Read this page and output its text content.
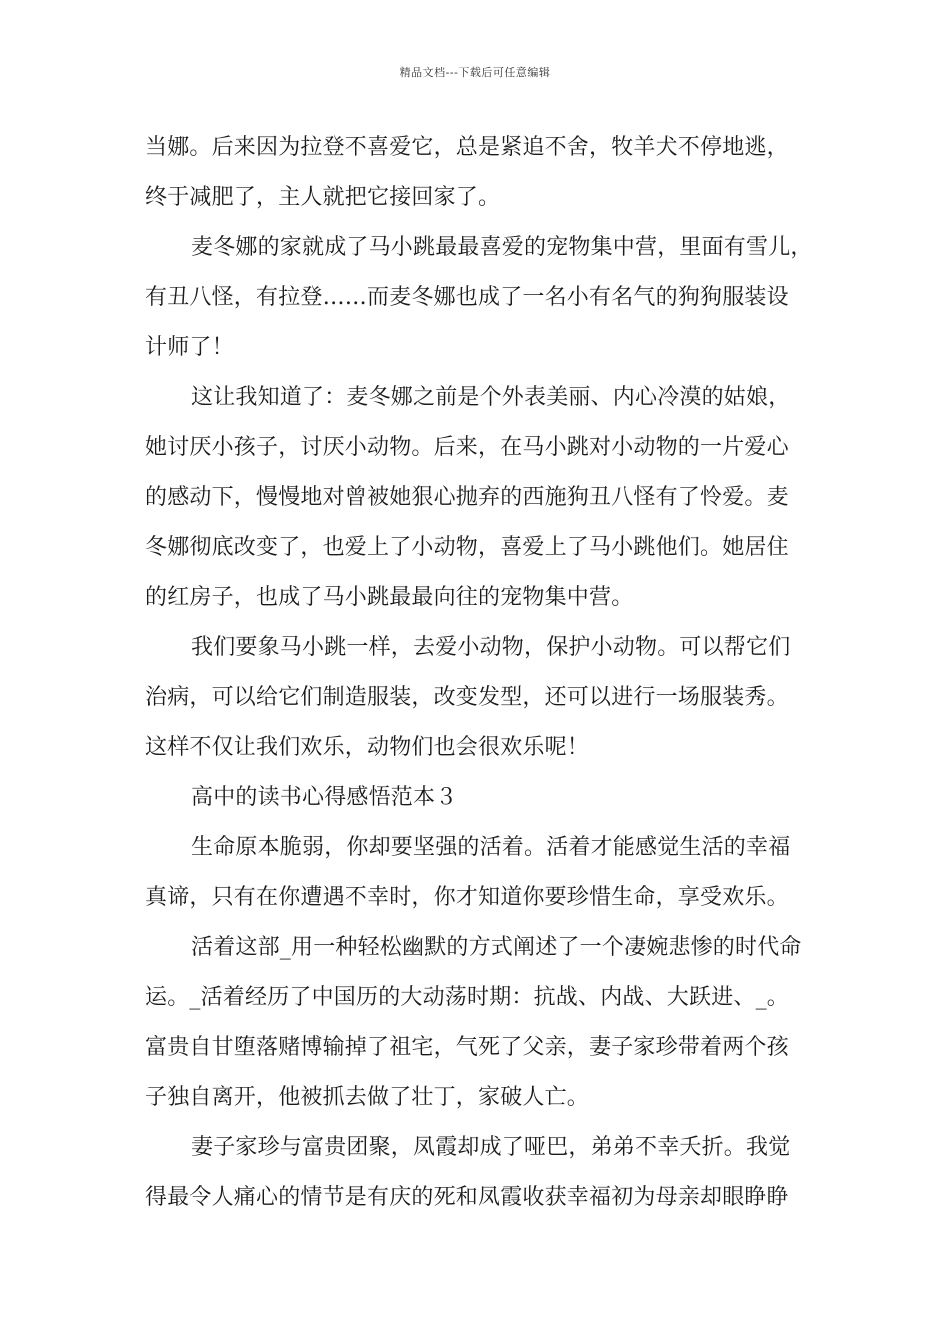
精品文档---下载后可任意编辑
当娜。后来因为拉登不喜爱它，总是紧追不舍，牧羊犬不停地逃，
终于减肥了，主人就把它接回家了。
麦冬娜的家就成了马小跳最最喜爱的宠物集中营，里面有雪儿，
有丑八怪，有拉登……而麦冬娜也成了一名小有名气的狗狗服装设
计师了！
这让我知道了：麦冬娜之前是个外表美丽、内心冷漠的姑娘，
她讨厌小孩子，讨厌小动物。后来，在马小跳对小动物的一片爱心
的感动下，慢慢地对曾被她狠心抛弃的西施狗丑八怪有了怜爱。麦
冬娜彻底改变了，也爱上了小动物，喜爱上了马小跳他们。她居住
的红房子，也成了马小跳最最向往的宠物集中营。
我们要象马小跳一样，去爱小动物，保护小动物。可以帮它们
治病，可以给它们制造服装，改变发型，还可以进行一场服装秀。
这样不仅让我们欢乐，动物们也会很欢乐呢！
高中的读书心得感悟范本３
生命原本脆弱，你却要坚强的活着。活着才能感觉生活的幸福
真谛，只有在你遭遇不幸时，你才知道你要珍惜生命，享受欢乐。
活着这部_用一种轻松幽默的方式阐述了一个凄婉悲惨的时代命
运。_活着经历了中国历的大动荡时期：抗战、内战、大跃进、_。
富贵自甘堕落赌博输掉了祖宅，气死了父亲，妻子家珍带着两个孩
子独自离开，他被抓去做了壮丁，家破人亡。
妻子家珍与富贵团聚，凤霞却成了哑巴，弟弟不幸夭折。我觉
得最令人痛心的情节是有庆的死和凤霞收获幸福初为母亲却眼睁睁
